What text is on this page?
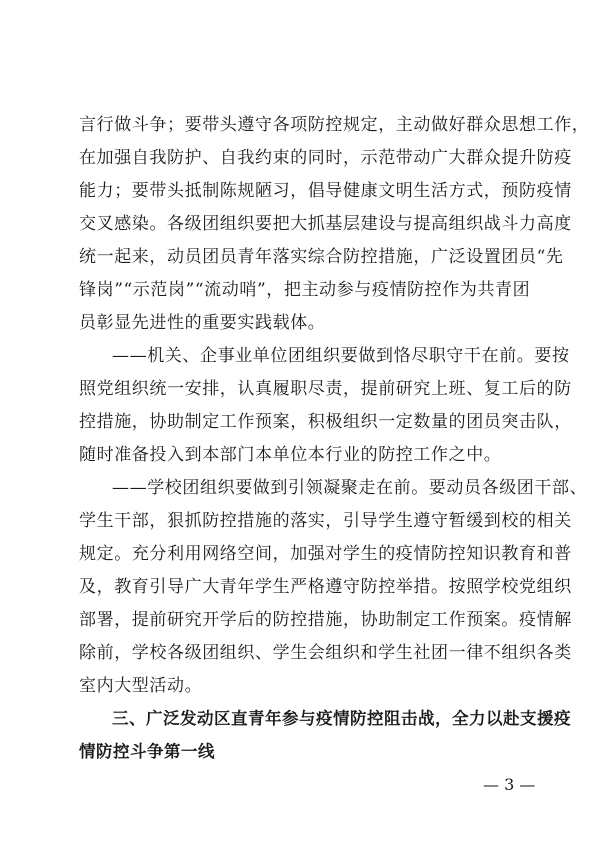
言行做斗争；要带头遵守各项防控规定，主动做好群众思想工作，
在加强自我防护、自我约束的同时，示范带动广大群众提升防疫
能力；要带头抵制陈规陋习，倡导健康文明生活方式，预防疫情
交叉感染。各级团组织要把大抓基层建设与提高组织战斗力高度
统一起来，动员团员青年落实综合防控措施，广泛设置团员“先
锋岗”“示范岗”“流动哨”，把主动参与疫情防控作为共青团
员彰显先进性的重要实践载体。
——机关、企事业单位团组织要做到恪尽职守干在前。要按
照党组织统一安排，认真履职尽责，提前研究上班、复工后的防
控措施，协助制定工作预案，积极组织一定数量的团员突击队，
随时准备投入到本部门本单位本行业的防控工作之中。
——学校团组织要做到引领凝聚走在前。要动员各级团干部、
学生干部，狠抓防控措施的落实，引导学生遵守暂缓到校的相关
规定。充分利用网络空间，加强对学生的疫情防控知识教育和普
及，教育引导广大青年学生严格遵守防控举措。按照学校党组织
部署，提前研究开学后的防控措施，协助制定工作预案。疫情解
除前，学校各级团组织、学生会组织和学生社团一律不组织各类
室内大型活动。
三、广泛发动区直青年参与疫情防控阻击战，全力以赴支援疫
情防控斗争第一线
— 3 —
